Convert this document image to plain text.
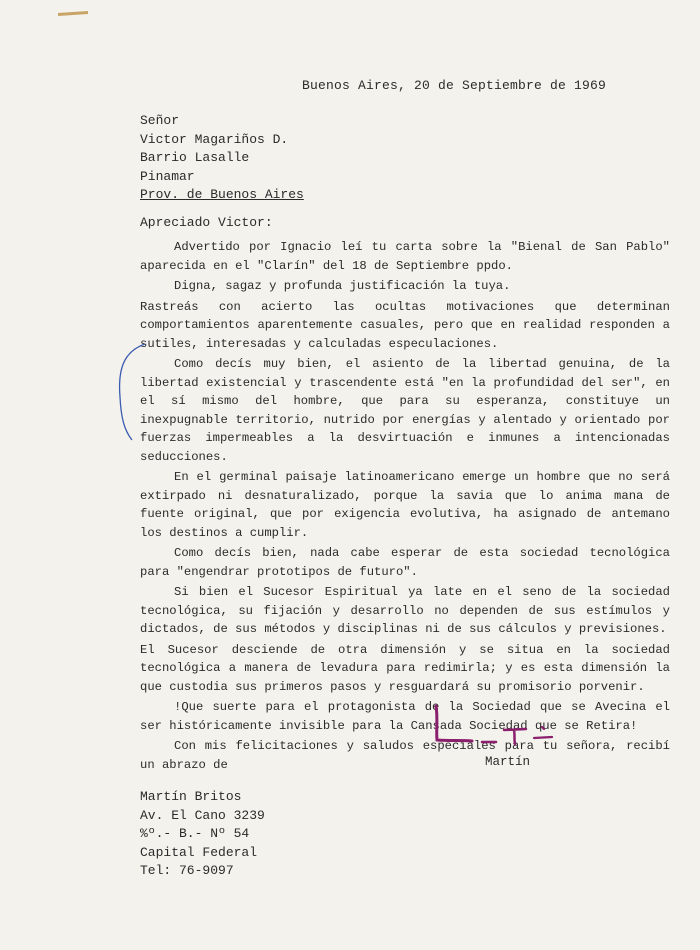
Buenos Aires, 20 de Septiembre de 1969
Señor
Victor Magariños D.
Barrio Lasalle
Pinamar
Prov. de Buenos Aires
Apreciado Victor:

Advertido por Ignacio leí tu carta sobre la "Bienal de San Pablo" aparecida en el "Clarín" del 18 de Septiembre ppdo.

Digna, sagaz y profunda justificación la tuya.

Rastreás con acierto las ocultas motivaciones que determinan comportamientos aparentemente casuales, pero que en realidad responden a sutiles, interesadas y calculadas especulaciones.

Como decís muy bien, el asiento de la libertad genuina, de la libertad existencial y trascendente está "en la profundidad del ser", en el sí mismo del hombre, que para su esperanza, constituye un inexpugnable territorio, nutrido por energías y alentado y orientado por fuerzas impermeables a la desvirtuación e inmunes a intencionadas seducciones.

En el germinal paisaje latinoamericano emerge un hombre que no será extirpado ni desnaturalizado, porque la savia que lo anima mana de fuente original, que por exigencia evolutiva, ha asignado de antemano los destinos a cumplir.

Como decís bien, nada cabe esperar de esta sociedad tecnológica para "engendrar prototipos de futuro".

Si bien el Sucesor Espiritual ya late en el seno de la sociedad tecnológica, su fijación y desarrollo no dependen de sus estímulos y dictados, de sus métodos y disciplinas ni de sus cálculos y previsiones.

El Sucesor desciende de otra dimensión y se situa en la sociedad tecnológica a manera de levadura para redimirla; y es esta dimensión la que custodia sus primeros pasos y resguardará su promisorio porvenir.

!Que suerte para el protagonista de la Sociedad que se Avecina el ser históricamente invisible para la Cansada Sociedad que se Retira!

Con mis felicitaciones y saludos especiales para tu señora, recibí un abrazo de	Martín
Martín Britos
Av. El Cano 3239
%º.- B.- Nº 54
Capital Federal
Tel: 76-9097
